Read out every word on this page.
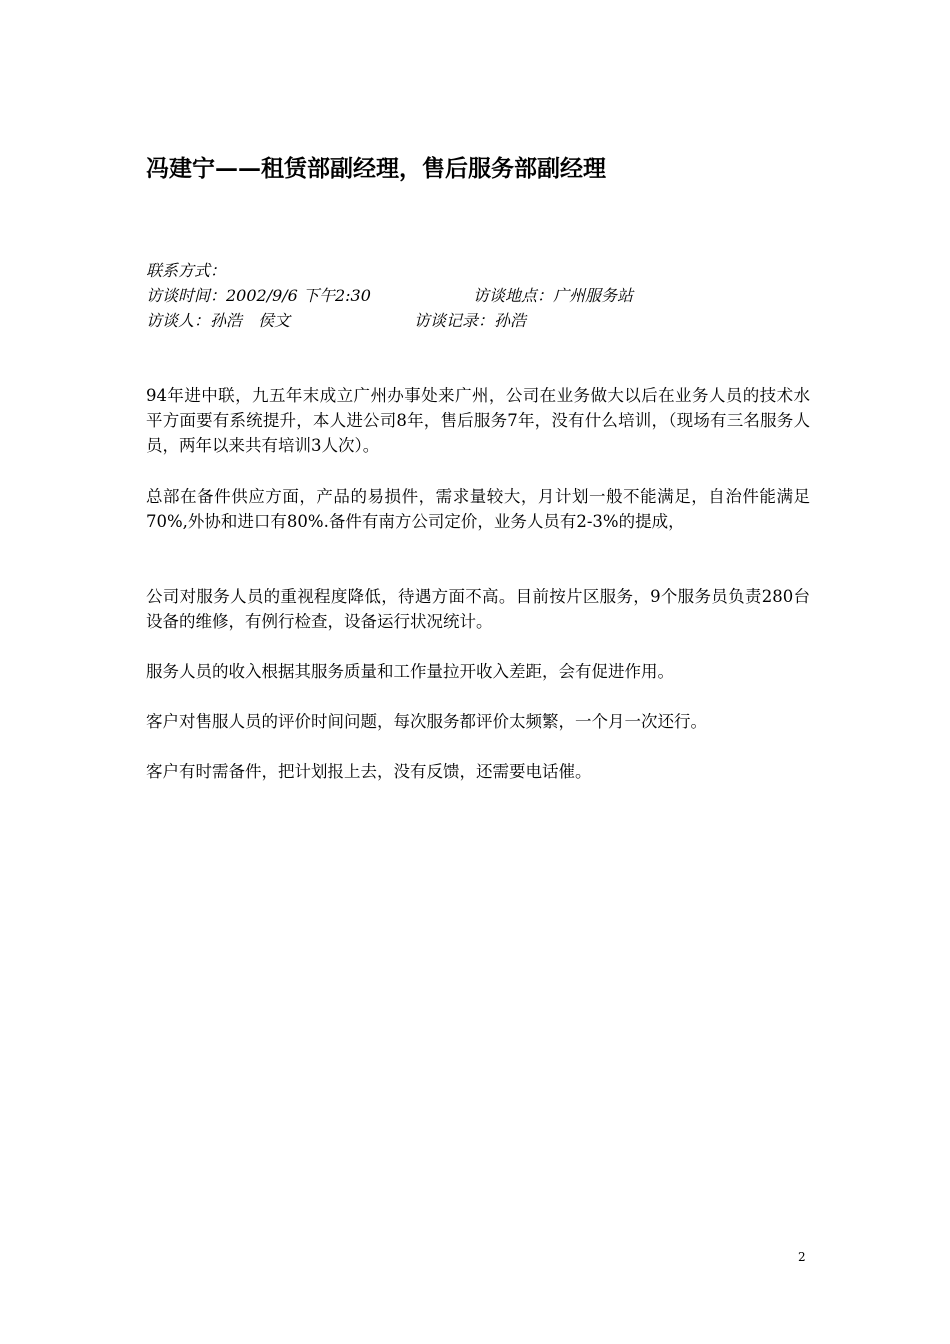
冯建宁——租赁部副经理，售后服务部副经理
联系方式：
访谈时间：2002/9/6 下午2:30	访谈地点：广州服务站
访谈人：孙浩　侯文	访谈记录：孙浩

94年进中联，九五年末成立广州办事处来广州，公司在业务做大以后在业务人员的技术水平方面要有系统提升，本人进公司8年，售后服务7年，没有什么培训，（现场有三名服务人员，两年以来共有培训3人次）。

总部在备件供应方面，产品的易损件，需求量较大，月计划一般不能满足，自治件能满足70%,外协和进口有80%.备件有南方公司定价，业务人员有2-3%的提成，

公司对服务人员的重视程度降低，待遇方面不高。目前按片区服务，9个服务员负责280台设备的维修，有例行检查，设备运行状况统计。

服务人员的收入根据其服务质量和工作量拉开收入差距，会有促进作用。

客户对售服人员的评价时间问题，每次服务都评价太频繁，一个月一次还行。

客户有时需备件，把计划报上去，没有反馈，还需要电话催。

2
